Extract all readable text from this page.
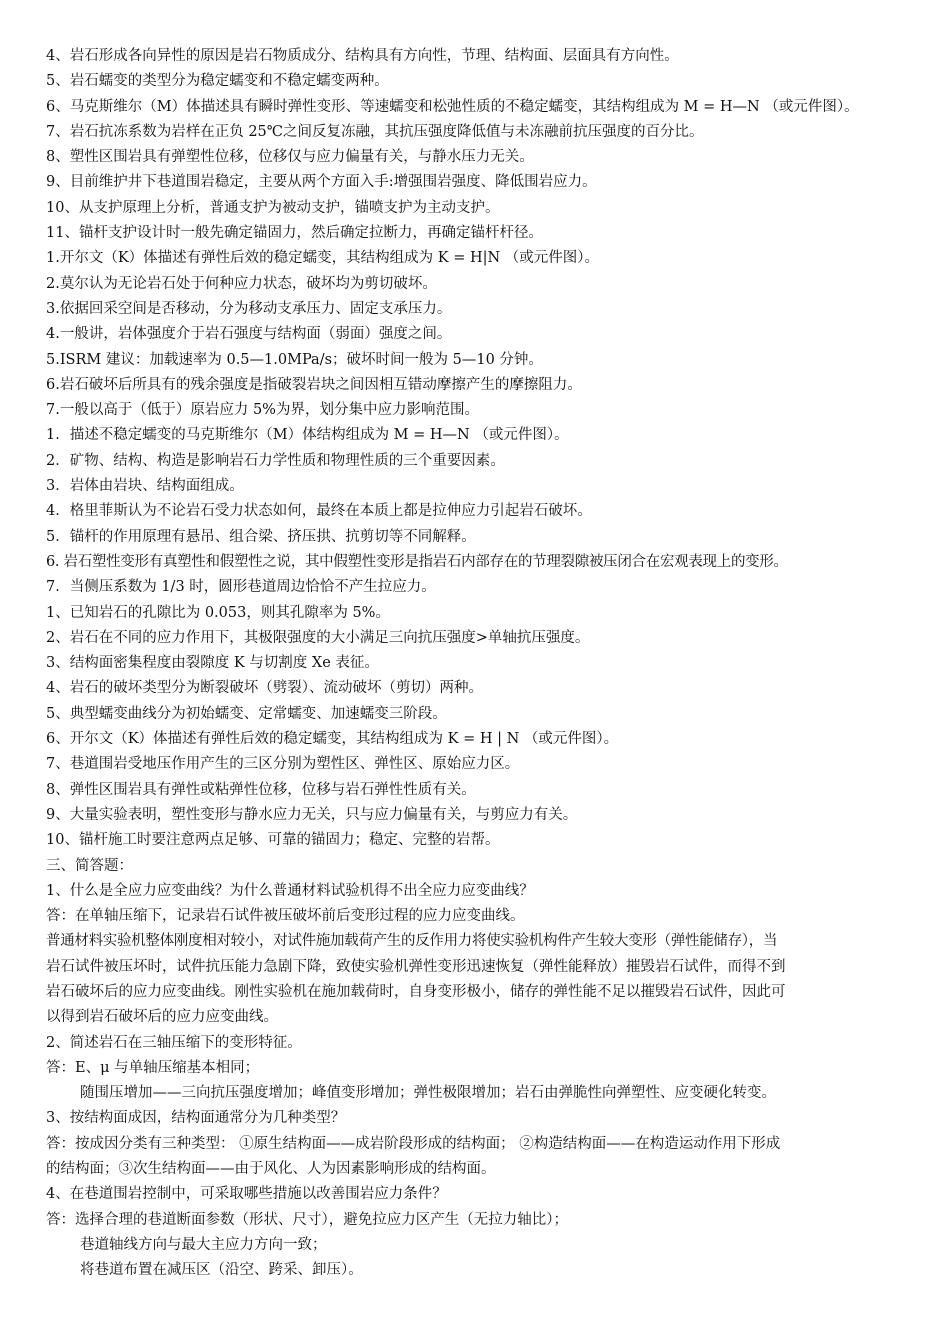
4、岩石形成各向异性的原因是岩石物质成分、结构具有方向性，节理、结构面、层面具有方向性。
5、岩石蠕变的类型分为稳定蠕变和不稳定蠕变两种。
6、马克斯维尔（M）体描述具有瞬时弹性变形、等速蠕变和松弛性质的不稳定蠕变，其结构组成为 M = H—N （或元件图）。
7、岩石抗冻系数为岩样在正负 25℃之间反复冻融，其抗压强度降低值与未冻融前抗压强度的百分比。
8、塑性区围岩具有弹塑性位移，位移仅与应力偏量有关，与静水压力无关。
9、目前维护井下巷道围岩稳定，主要从两个方面入手:增强围岩强度、降低围岩应力。
10、从支护原理上分析，普通支护为被动支护，锚喷支护为主动支护。
11、锚杆支护设计时一般先确定锚固力，然后确定拉断力，再确定锚杆杆径。
1.开尔文（K）体描述有弹性后效的稳定蠕变，其结构组成为 K = H|N （或元件图）。
2.莫尔认为无论岩石处于何种应力状态，破坏均为剪切破坏。
3.依据回采空间是否移动，分为移动支承压力、固定支承压力。
4.一般讲，岩体强度介于岩石强度与结构面（弱面）强度之间。
5.ISRM 建议：加载速率为 0.5—1.0MPa/s；破坏时间一般为 5—10 分钟。
6.岩石破坏后所具有的残余强度是指破裂岩块之间因相互错动摩擦产生的摩擦阻力。
7.一般以高于（低于）原岩应力 5%为界，划分集中应力影响范围。
1．描述不稳定蠕变的马克斯维尔（M）体结构组成为 M = H—N （或元件图）。
2．矿物、结构、构造是影响岩石力学性质和物理性质的三个重要因素。
3．岩体由岩块、结构面组成。
4．格里菲斯认为不论岩石受力状态如何，最终在本质上都是拉伸应力引起岩石破坏。
5．锚杆的作用原理有悬吊、组合梁、挤压拱、抗剪切等不同解释。
6. 岩石塑性变形有真塑性和假塑性之说，其中假塑性变形是指岩石内部存在的节理裂隙被压闭合在宏观表现上的变形。
7．当侧压系数为 1/3 时，圆形巷道周边恰恰不产生拉应力。
1、已知岩石的孔隙比为 0.053，则其孔隙率为 5%。
2、岩石在不同的应力作用下，其极限强度的大小满足三向抗压强度>单轴抗压强度。
3、结构面密集程度由裂隙度 K 与切割度 Xe 表征。
4、岩石的破坏类型分为断裂破坏（劈裂）、流动破坏（剪切）两种。
5、典型蠕变曲线分为初始蠕变、定常蠕变、加速蠕变三阶段。
6、开尔文（K）体描述有弹性后效的稳定蠕变，其结构组成为 K = H | N （或元件图）。
7、巷道围岩受地压作用产生的三区分别为塑性区、弹性区、原始应力区。
8、弹性区围岩具有弹性或粘弹性位移，位移与岩石弹性性质有关。
9、大量实验表明，塑性变形与静水应力无关，只与应力偏量有关，与剪应力有关。
10、锚杆施工时要注意两点足够、可靠的锚固力；稳定、完整的岩帮。
三、简答题：
1、什么是全应力应变曲线？为什么普通材料试验机得不出全应力应变曲线？
答：在单轴压缩下，记录岩石试件被压破坏前后变形过程的应力应变曲线。
普通材料实验机整体刚度相对较小，对试件施加载荷产生的反作用力将使实验机构件产生较大变形（弹性能储存），当
岩石试件被压坏时，试件抗压能力急剧下降，致使实验机弹性变形迅速恢复（弹性能释放）摧毁岩石试件，而得不到
岩石破坏后的应力应变曲线。刚性实验机在施加载荷时，自身变形极小，储存的弹性能不足以摧毁岩石试件，因此可
以得到岩石破坏后的应力应变曲线。
2、简述岩石在三轴压缩下的变形特征。
答：E、μ 与单轴压缩基本相同；
随围压增加——三向抗压强度增加；峰值变形增加；弹性极限增加；岩石由弹脆性向弹塑性、应变硬化转变。
3、按结构面成因，结构面通常分为几种类型？
答：按成因分类有三种类型： ①原生结构面——成岩阶段形成的结构面； ②构造结构面——在构造运动作用下形成
的结构面；③次生结构面——由于风化、人为因素影响形成的结构面。
4、在巷道围岩控制中，可采取哪些措施以改善围岩应力条件？
答：选择合理的巷道断面参数（形状、尺寸），避免拉应力区产生（无拉力轴比）；
巷道轴线方向与最大主应力方向一致；
将巷道布置在减压区（沿空、跨采、卸压）。
